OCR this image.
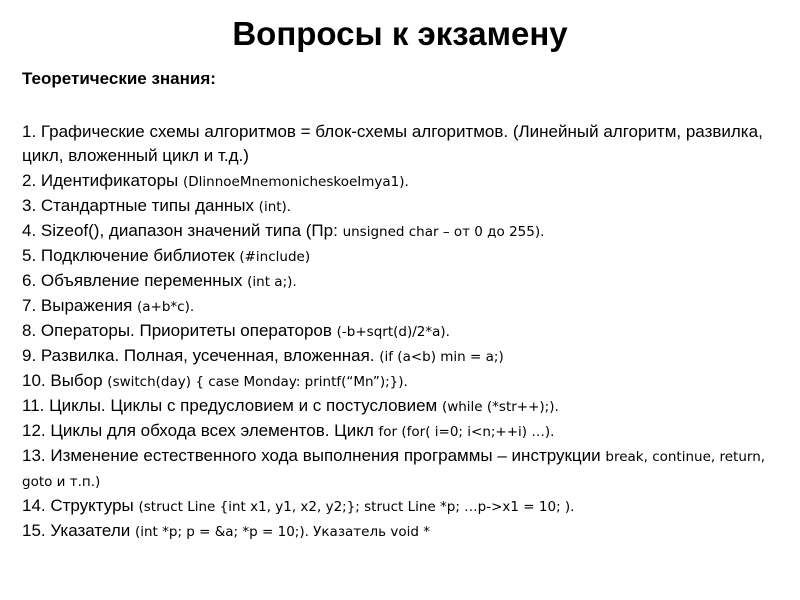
Вопросы к экзамену
Теоретические знания:
1. Графические схемы алгоритмов = блок-схемы алгоритмов. (Линейный алгоритм, развилка, цикл, вложенный цикл и т.д.)
2. Идентификаторы (DlinnoeMnemonicheskoeImya1).
3. Стандартные типы данных (int).
4. Sizeof(), диапазон значений типа (Пр: unsigned char – от 0 до 255).
5. Подключение библиотек (#include)
6. Объявление переменных (int a;).
7. Выражения (a+b*c).
8. Операторы. Приоритеты операторов (-b+sqrt(d)/2*a).
9. Развилка. Полная, усеченная, вложенная. (if (a<b) min = a;)
10. Выбор (switch(day) { case Monday: printf(“Mn”);}).
11. Циклы. Циклы с предусловием и с постусловием (while (*str++);).
12. Циклы для обхода всех элементов. Цикл for (for( i=0; i<n;++i) …).
13. Изменение естественного хода выполнения программы – инструкции break, continue, return, goto и т.п.)
14. Структуры (struct Line {int x1, y1, x2, y2;}; struct Line *p; …p->x1 = 10; ).
15. Указатели (int *p; p = &a; *p = 10;). Указатель void *
